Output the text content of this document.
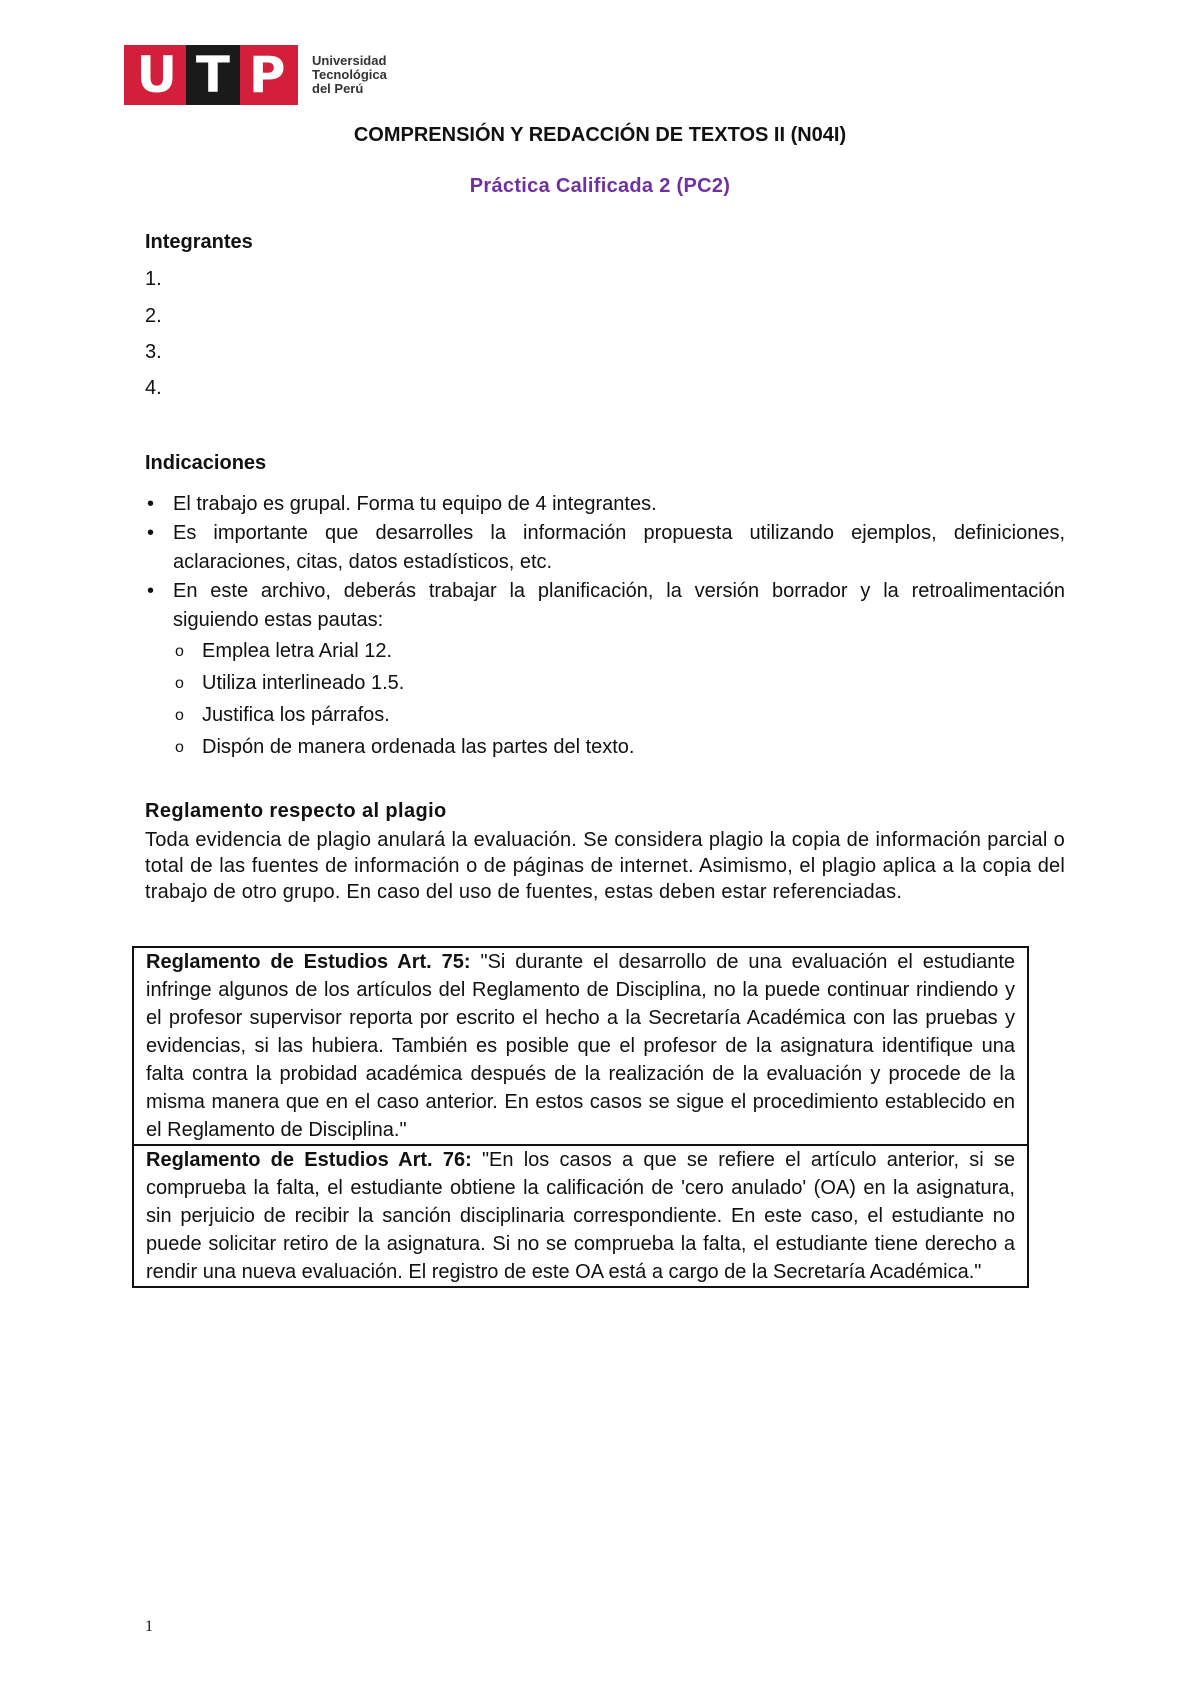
U T P Universidad
Tecnológica
del Perú
COMPRENSIÓN Y REDACCIÓN DE TEXTOS II (N04I)
Práctica Calificada 2 (PC2)
Integrantes
1.
2.
3.
4.
Indicaciones
• El trabajo es grupal. Forma tu equipo de 4 integrantes.
• Es importante que desarrolles la información propuesta utilizando ejemplos, definiciones, aclaraciones, citas, datos estadísticos, etc.
• En este archivo, deberás trabajar la planificación, la versión borrador y la retroalimentación siguiendo estas pautas:
o Emplea letra Arial 12.
o Utiliza interlineado 1.5.
o Justifica los párrafos.
o Dispón de manera ordenada las partes del texto.
Reglamento respecto al plagio
Toda evidencia de plagio anulará la evaluación. Se considera plagio la copia de información parcial o total de las fuentes de información o de páginas de internet. Asimismo, el plagio aplica a la copia del trabajo de otro grupo. En caso del uso de fuentes, estas deben estar referenciadas.
Reglamento de Estudios Art. 75: "Si durante el desarrollo de una evaluación el estudiante infringe algunos de los artículos del Reglamento de Disciplina, no la puede continuar rindiendo y el profesor supervisor reporta por escrito el hecho a la Secretaría Académica con las pruebas y evidencias, si las hubiera. También es posible que el profesor de la asignatura identifique una falta contra la probidad académica después de la realización de la evaluación y procede de la misma manera que en el caso anterior. En estos casos se sigue el procedimiento establecido en el Reglamento de Disciplina."
Reglamento de Estudios Art. 76: "En los casos a que se refiere el artículo anterior, si se comprueba la falta, el estudiante obtiene la calificación de 'cero anulado' (OA) en la asignatura, sin perjuicio de recibir la sanción disciplinaria correspondiente. En este caso, el estudiante no puede solicitar retiro de la asignatura. Si no se comprueba la falta, el estudiante tiene derecho a rendir una nueva evaluación. El registro de este OA está a cargo de la Secretaría Académica."
1
